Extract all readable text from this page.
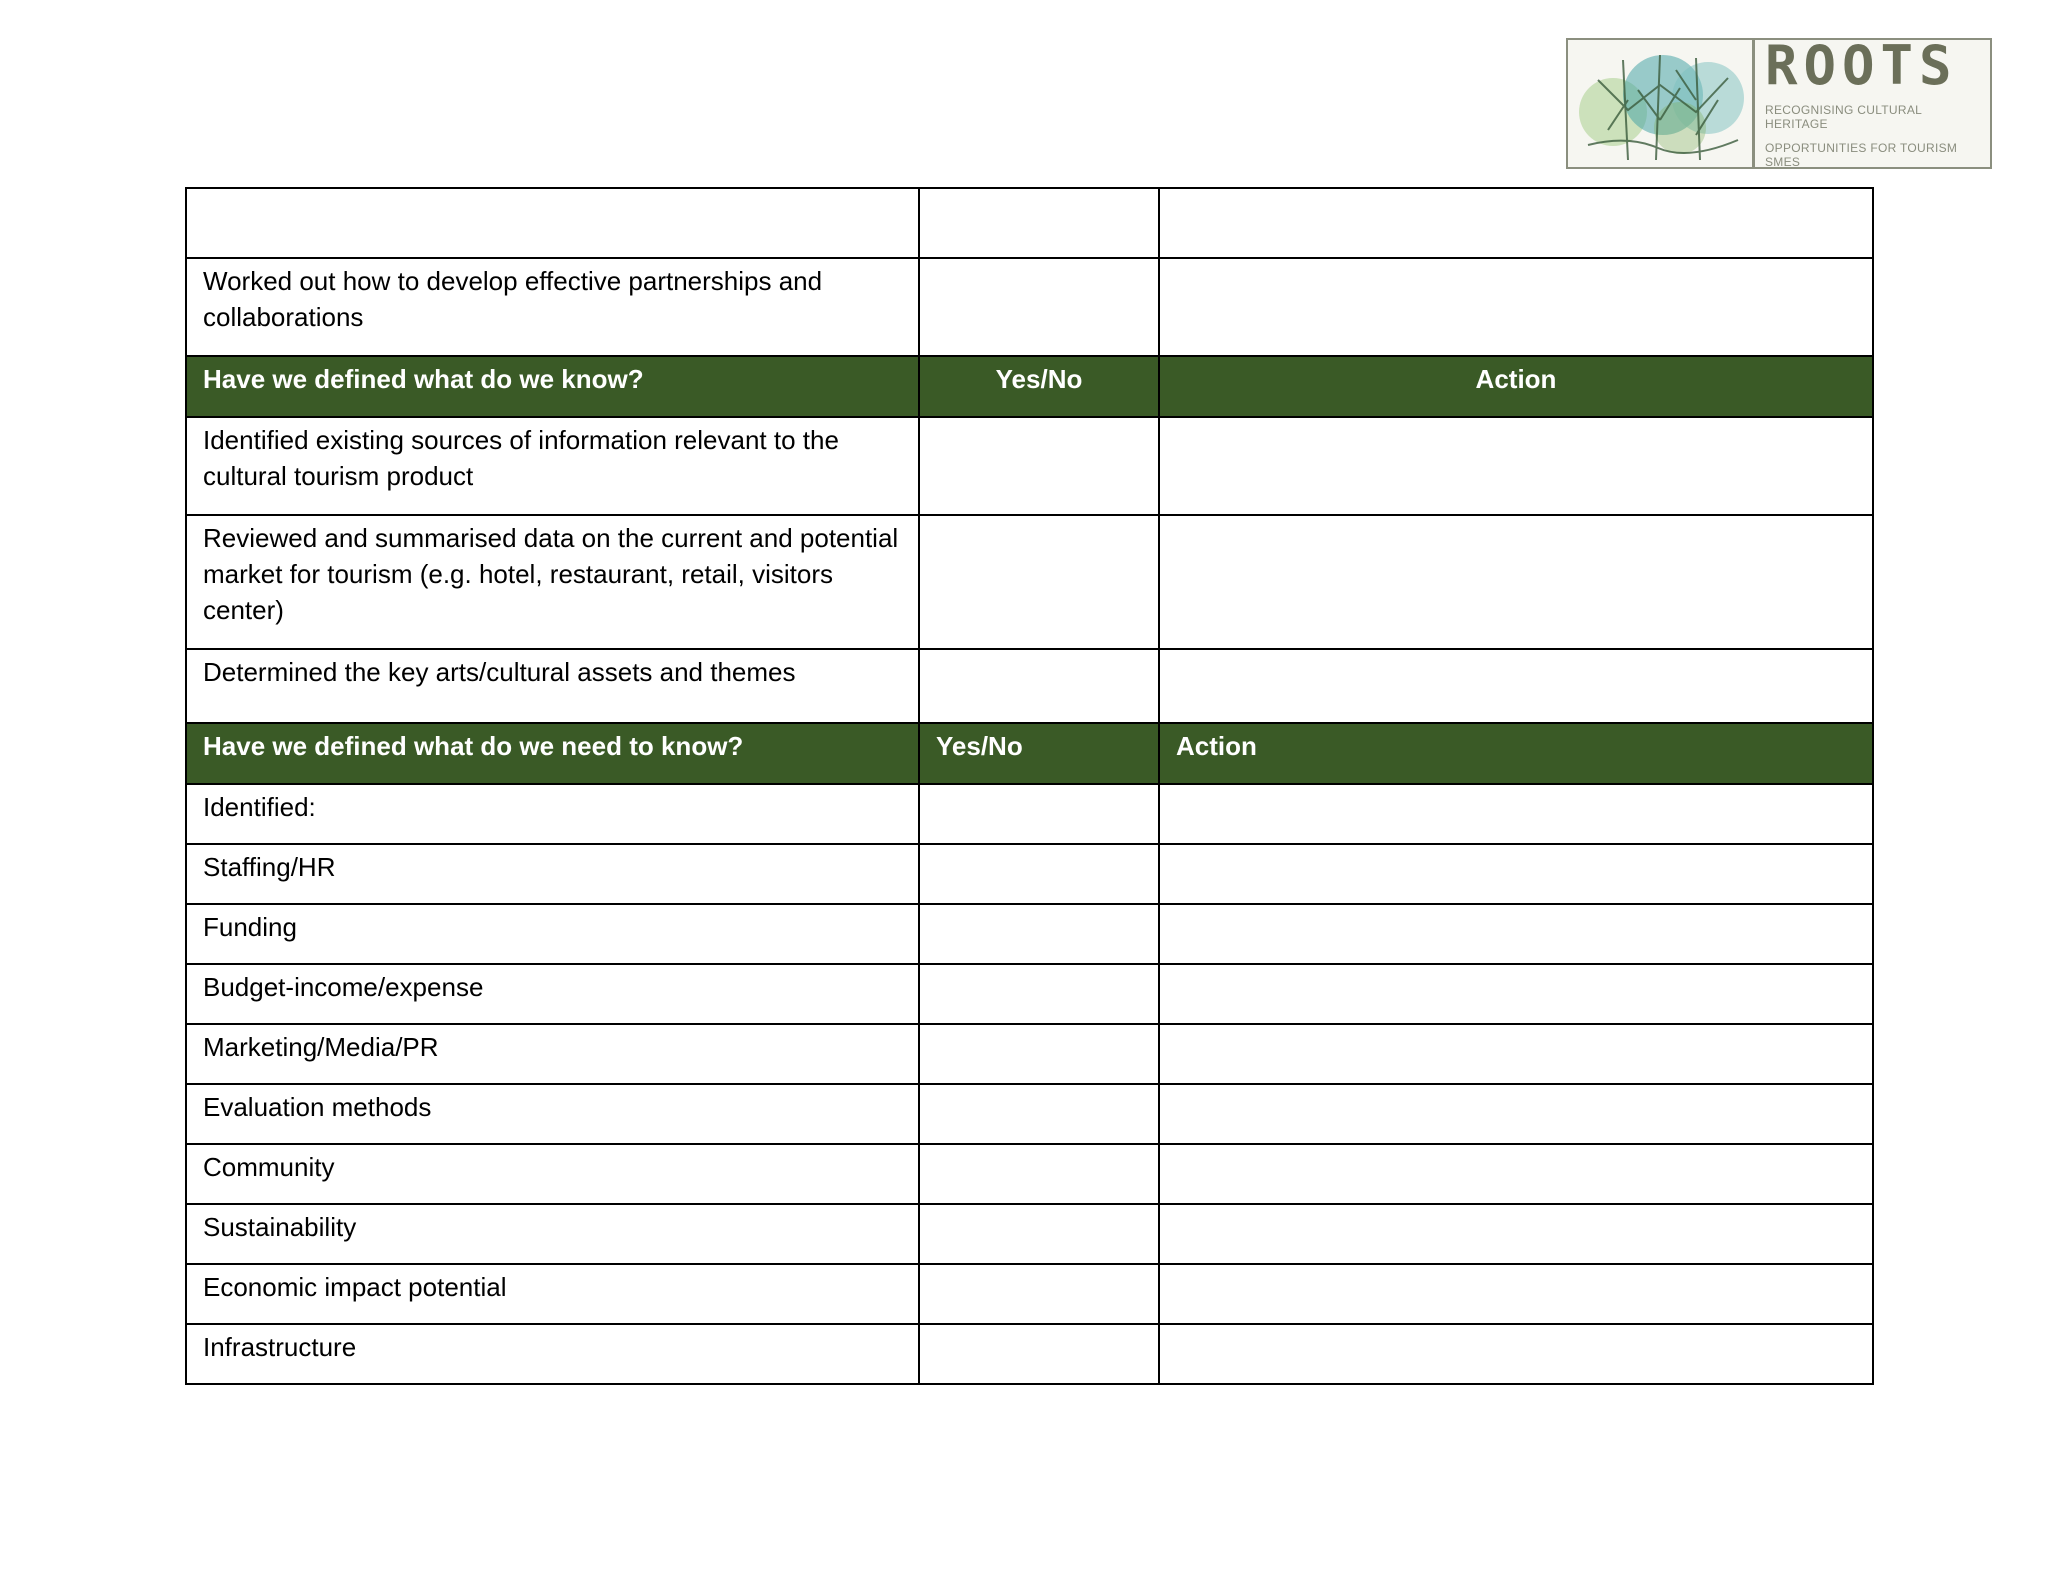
ROOTS
RECOGNISING CULTURAL HERITAGE
OPPORTUNITIES FOR TOURISM SMES

Worked out how to develop effective partnerships and collaborations		
Have we defined what do we know?	Yes/No	Action
Identified existing sources of information relevant to the cultural tourism product		
Reviewed and summarised data on the current and potential market for tourism (e.g. hotel, restaurant, retail, visitors center)		
Determined the key arts/cultural assets and themes		
Have we defined what do we need to know?	Yes/No	Action
Identified:		
Staffing/HR		
Funding		
Budget-income/expense		
Marketing/Media/PR		
Evaluation methods		
Community		
Sustainability		
Economic impact potential		
Infrastructure		
